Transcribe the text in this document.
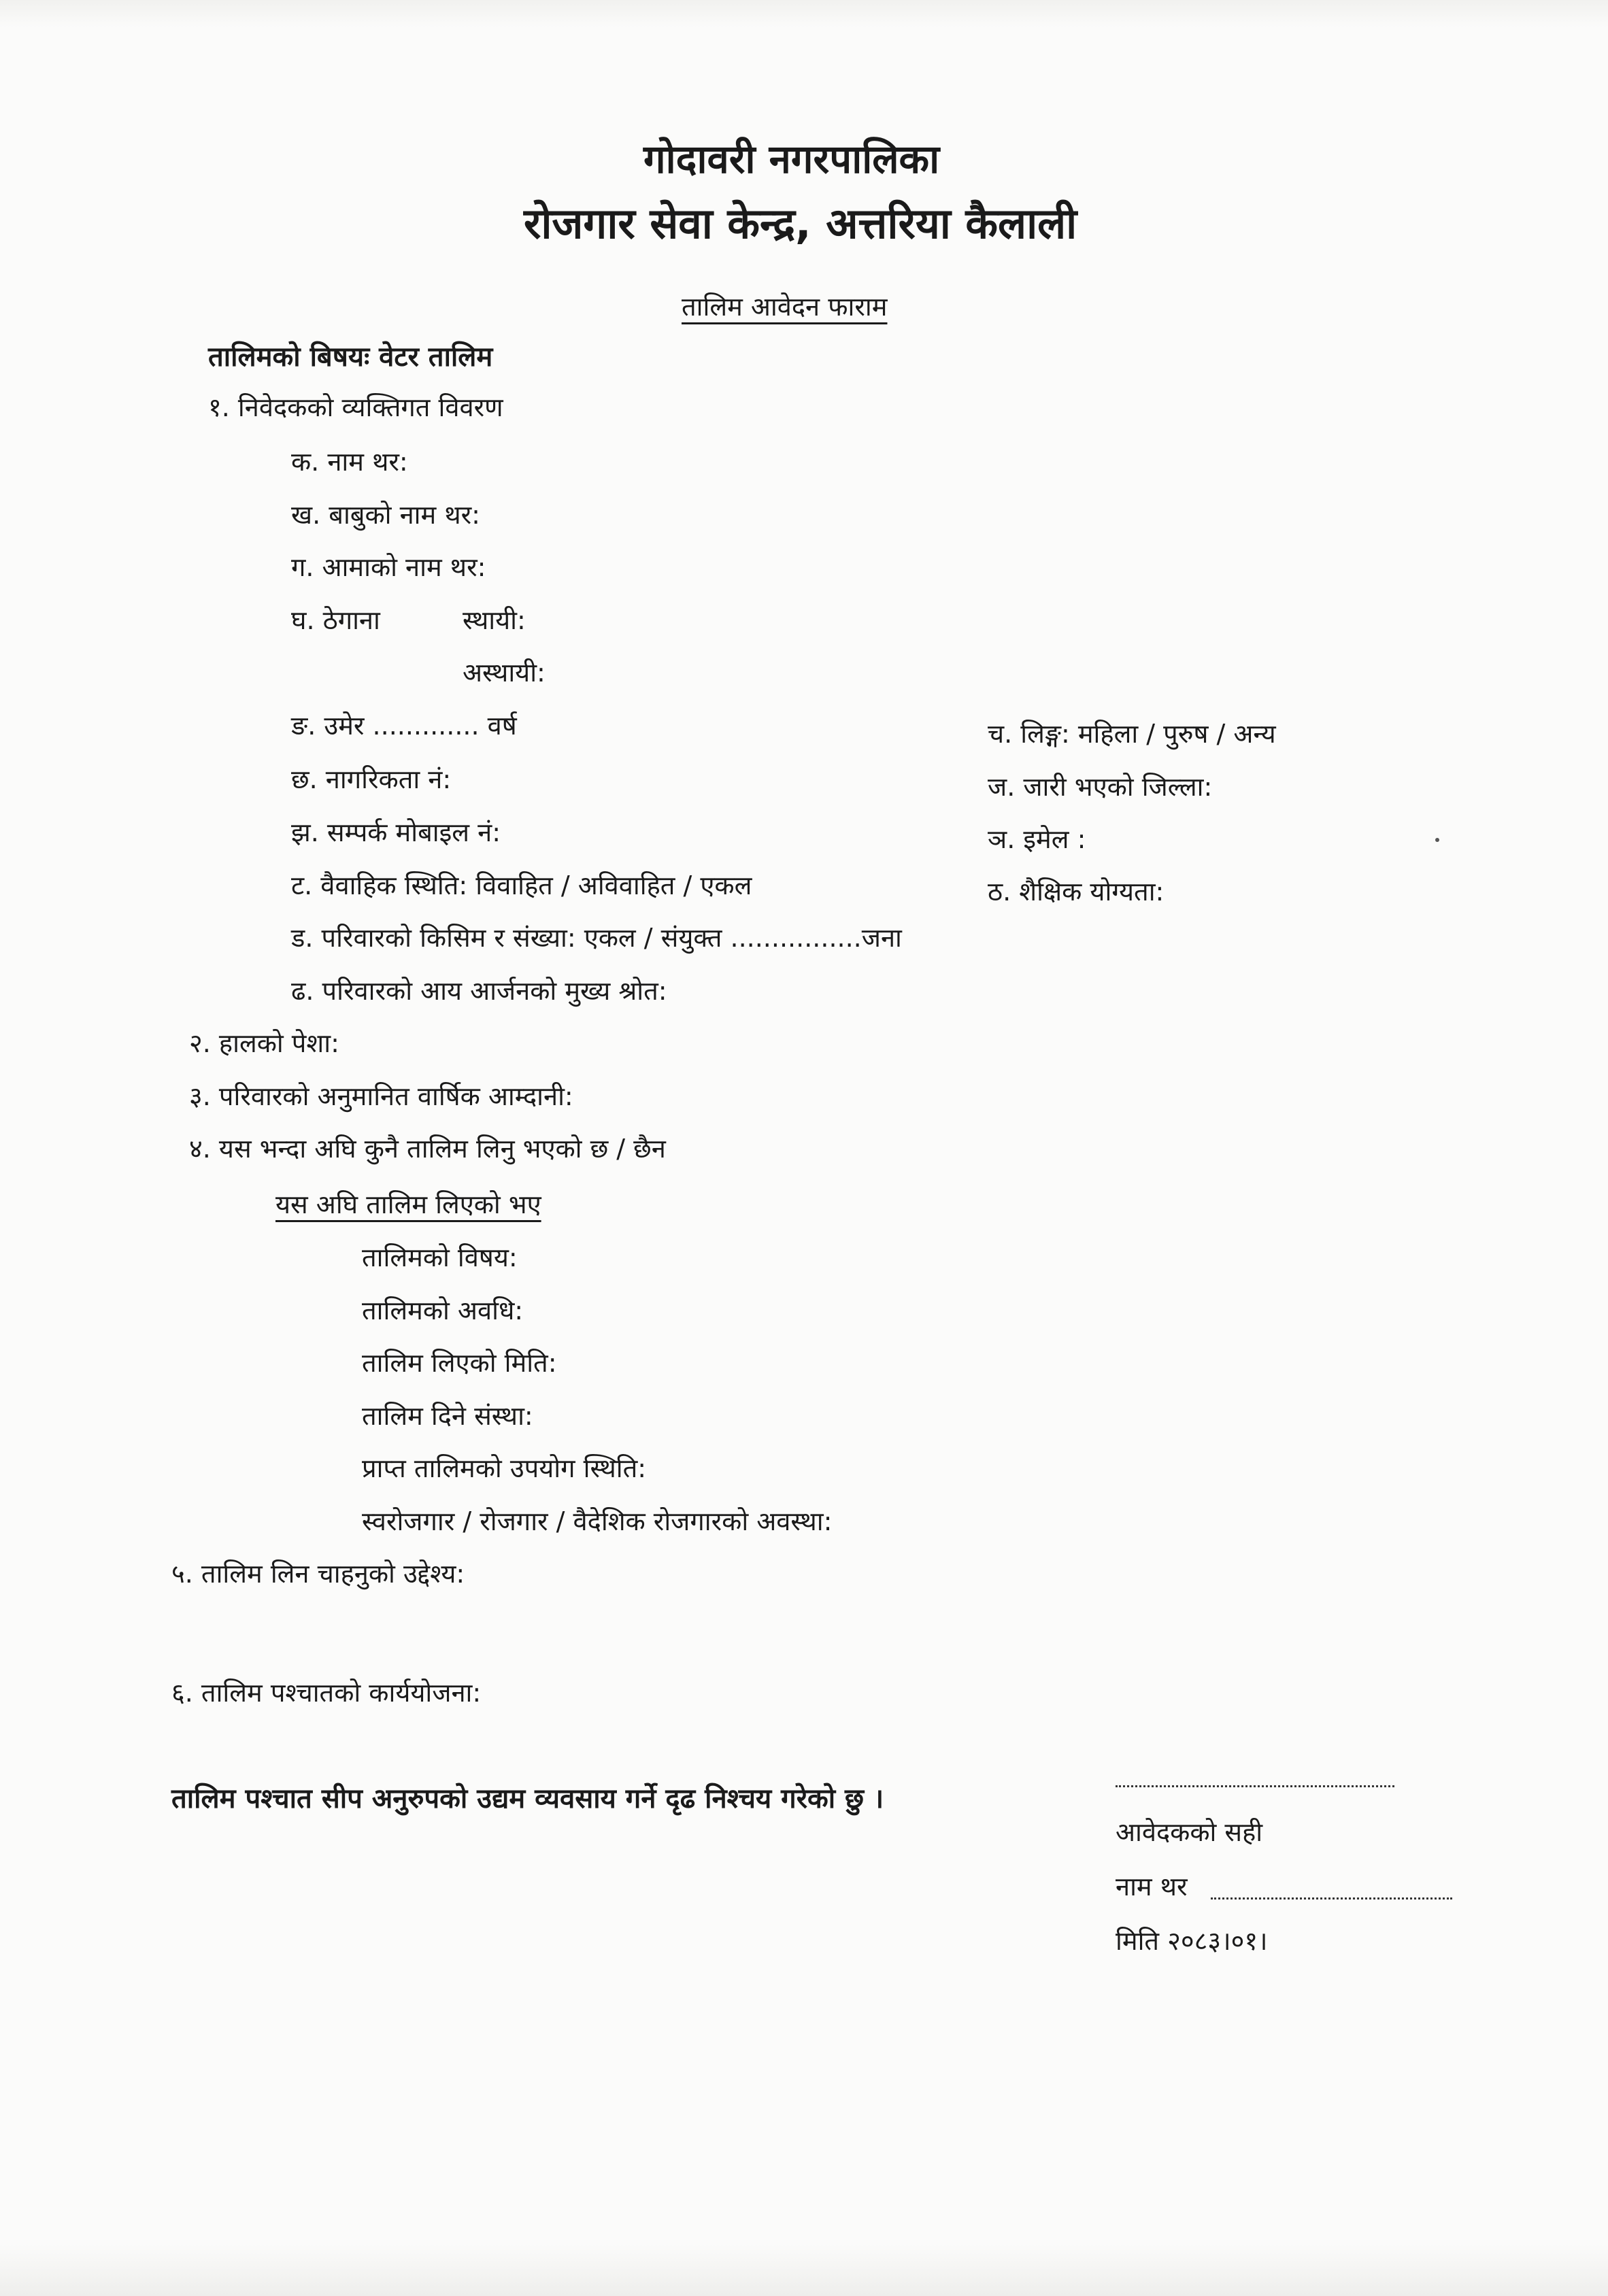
गोदावरी नगरपालिका
रोजगार सेवा केन्द्र, अत्तरिया कैलाली
तालिम आवेदन फाराम
तालिमको बिषयः वेटर तालिम
१. निवेदकको व्यक्तिगत विवरण
क. नाम थर:
ख. बाबुको नाम थर:
ग. आमाको नाम थर:
घ. ठेगाना	स्थायी:
अस्थायी:
ङ. उमेर ............. वर्ष	च. लिङ्ग: महिला / पुरुष / अन्य
छ. नागरिकता नं:	ज. जारी भएको जिल्ला:
झ. सम्पर्क मोबाइल नं:	ञ. इमेल :
ट. वैवाहिक स्थिति: विवाहित / अविवाहित / एकल	ठ. शैक्षिक योग्यता:
ड. परिवारको किसिम र संख्या: एकल / संयुक्त ................जना
ढ. परिवारको आय आर्जनको मुख्य श्रोत:
२. हालको पेशा:
३. परिवारको अनुमानित वार्षिक आम्दानी:
४. यस भन्दा अघि कुनै तालिम लिनु भएको छ / छैन
यस अघि तालिम लिएको भए
तालिमको विषय:
तालिमको अवधि:
तालिम लिएको मिति:
तालिम दिने संस्था:
प्राप्त तालिमको उपयोग स्थिति:
स्वरोजगार / रोजगार / वैदेशिक रोजगारको अवस्था:
५. तालिम लिन चाहनुको उद्देश्य:
६. तालिम पश्चातको कार्ययोजना:
तालिम पश्चात सीप अनुरुपको उद्यम व्यवसाय गर्ने दृढ निश्चय गरेको छु ।
आवेदकको सही
नाम थर
मिति २०८३।०१।
